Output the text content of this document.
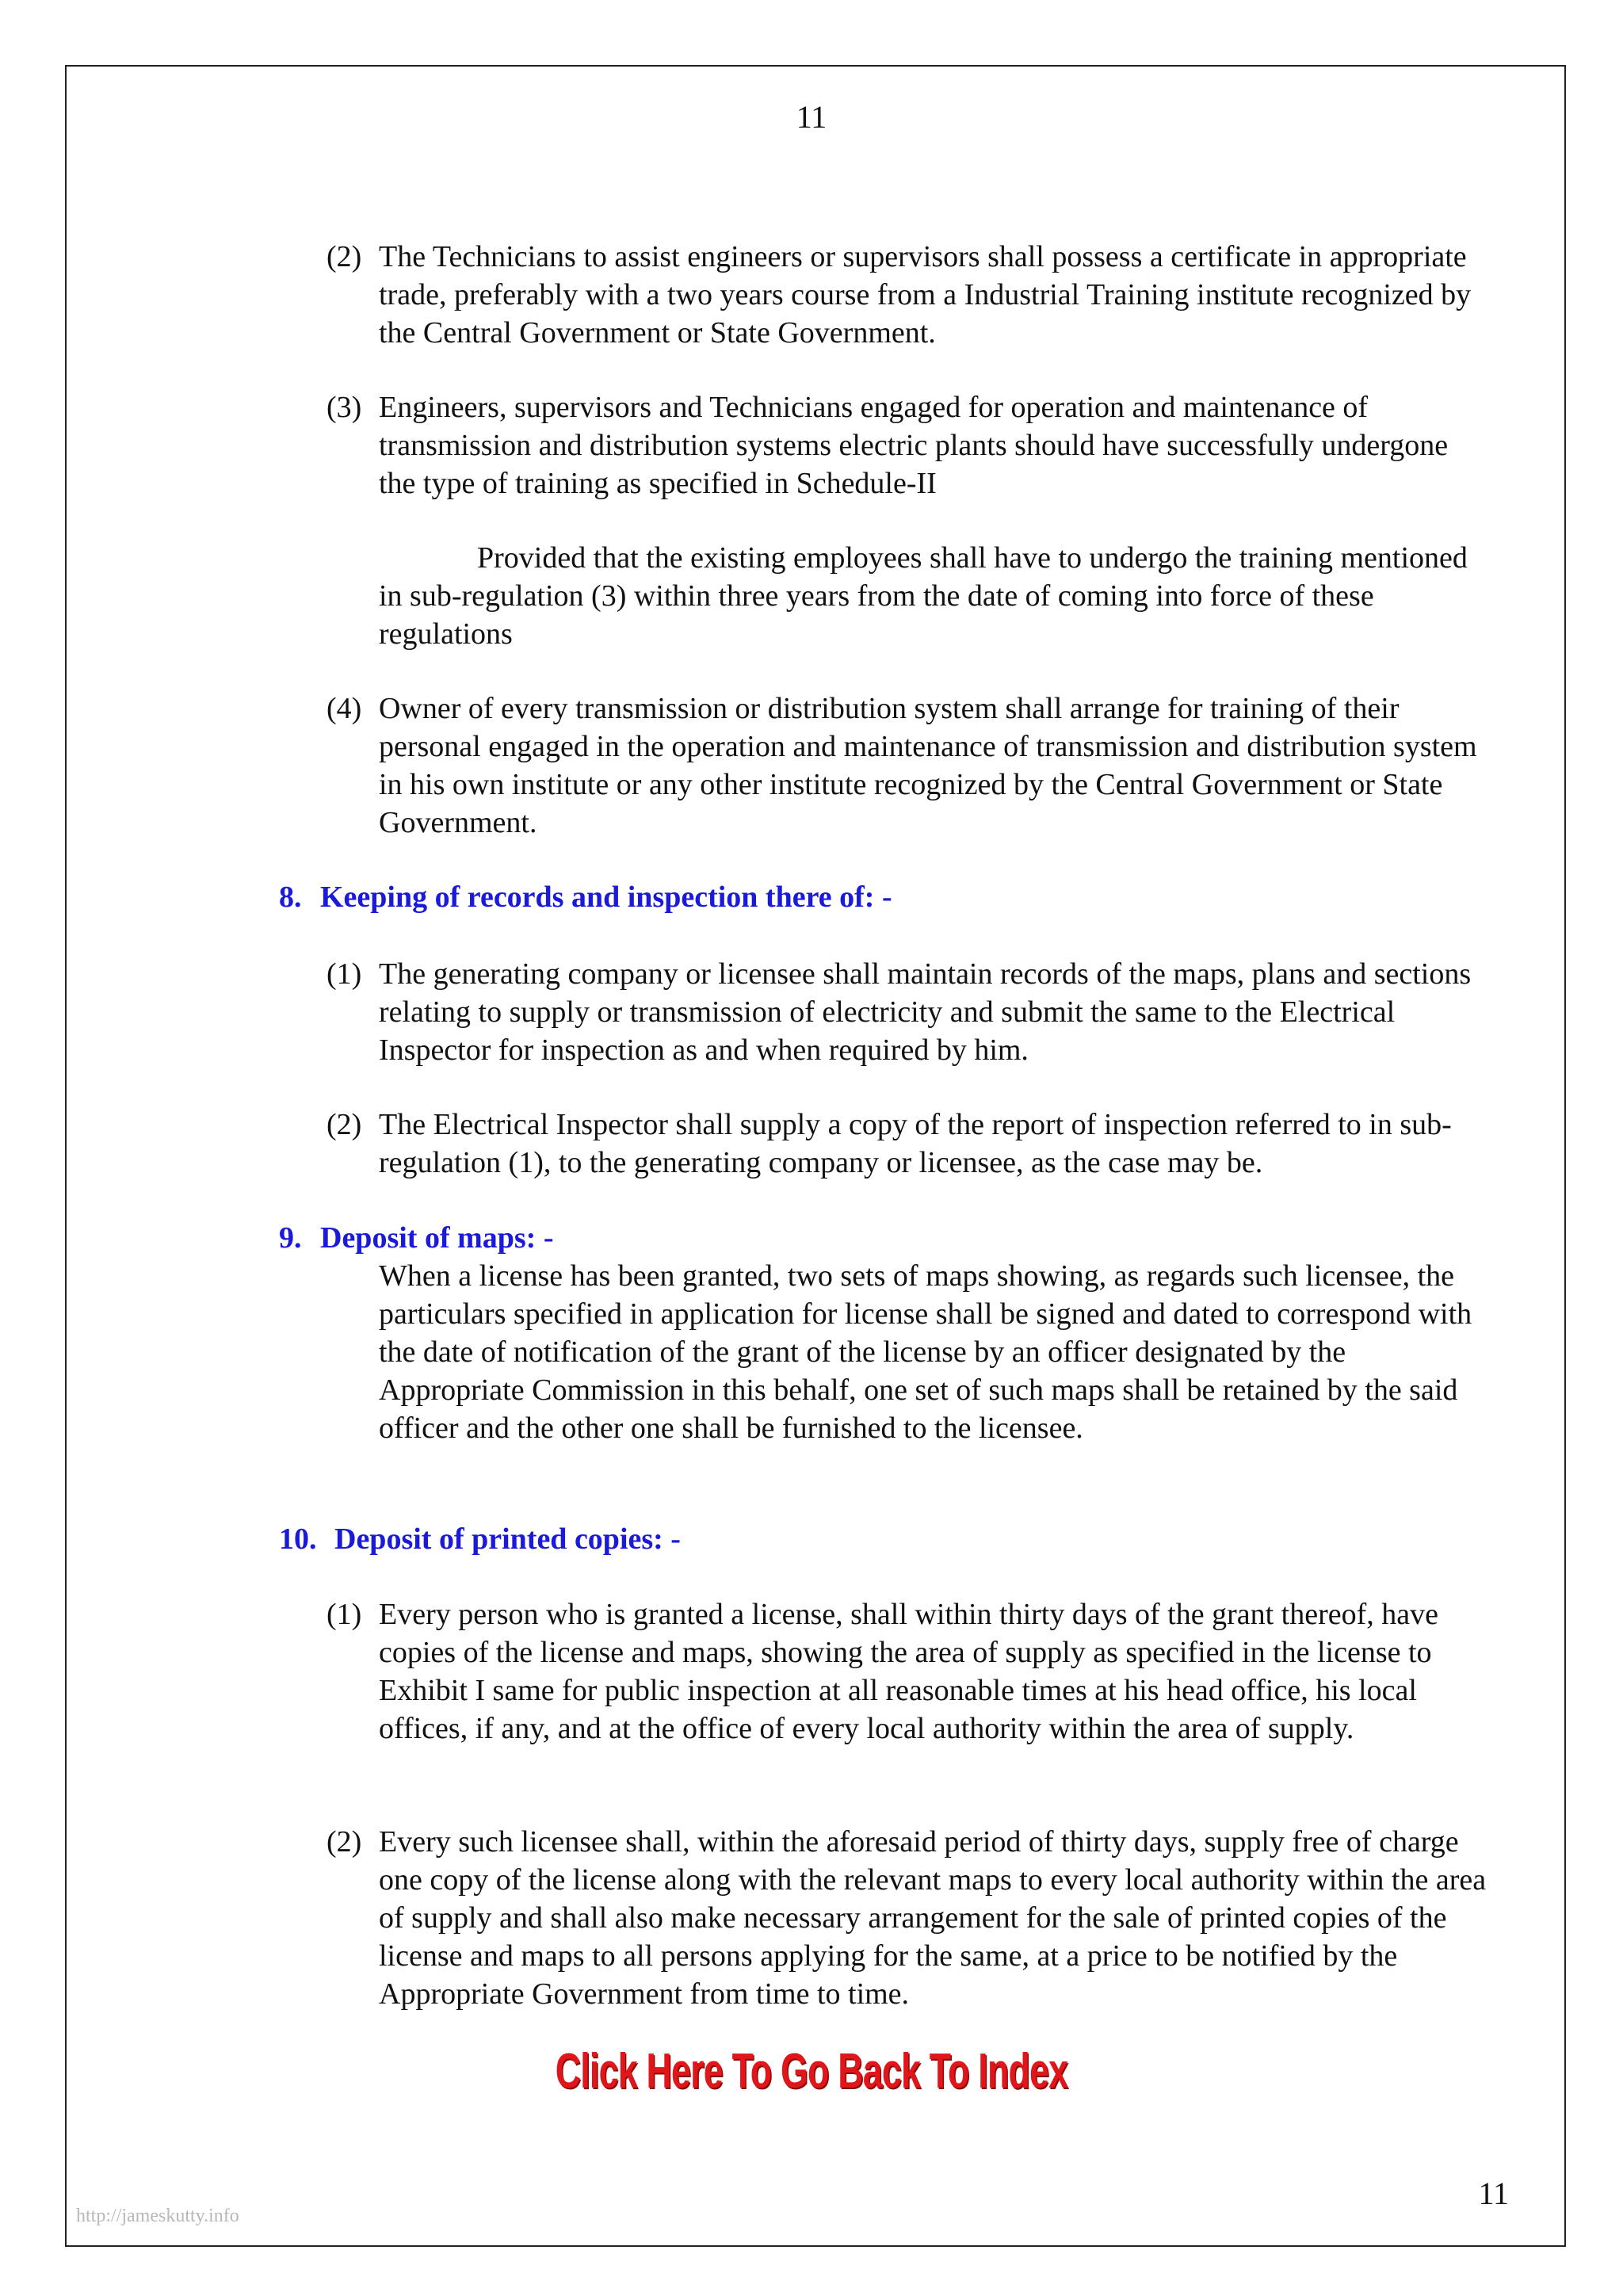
11
(2) The Technicians to assist engineers or supervisors shall possess a certificate in appropriate trade, preferably with a two years course from a Industrial Training institute recognized by the Central Government or State Government.
(3) Engineers, supervisors and Technicians engaged for operation and maintenance of transmission and distribution systems electric plants should have successfully undergone the type of training as specified in Schedule-II
Provided that the existing employees shall have to undergo the training mentioned in sub-regulation (3) within three years from the date of coming into force of these regulations
(4) Owner of every transmission or distribution system shall arrange for training of their personal engaged in the operation and maintenance of transmission and distribution system in his own institute or any other institute recognized by the Central Government or State Government.
8. Keeping of records and inspection there of: -
(1) The generating company or licensee shall maintain records of the maps, plans and sections relating to supply or transmission of electricity and submit the same to the Electrical Inspector for inspection as and when required by him.
(2) The Electrical Inspector shall supply a copy of the report of inspection referred to in sub-regulation (1), to the generating company or licensee, as the case may be.
9. Deposit of maps: -
When a license has been granted, two sets of maps showing, as regards such licensee, the particulars specified in application for license shall be signed and dated to correspond with the date of notification of the grant of the license by an officer designated by the Appropriate Commission in this behalf, one set of such maps shall be retained by the said officer and the other one shall be furnished to the licensee.
10. Deposit of printed copies: -
(1) Every person who is granted a license, shall within thirty days of the grant thereof, have copies of the license and maps, showing the area of supply as specified in the license to Exhibit I same for public inspection at all reasonable times at his head office, his local offices, if any, and at the office of every local authority within the area of supply.
(2) Every such licensee shall, within the aforesaid period of thirty days, supply free of charge one copy of the license along with the relevant maps to every local authority within the area of supply and shall also make necessary arrangement for the sale of printed copies of the license and maps to all persons applying for the same, at a price to be notified by the Appropriate Government from time to time.
Click Here To Go Back To Index
11
http://jameskutty.info
